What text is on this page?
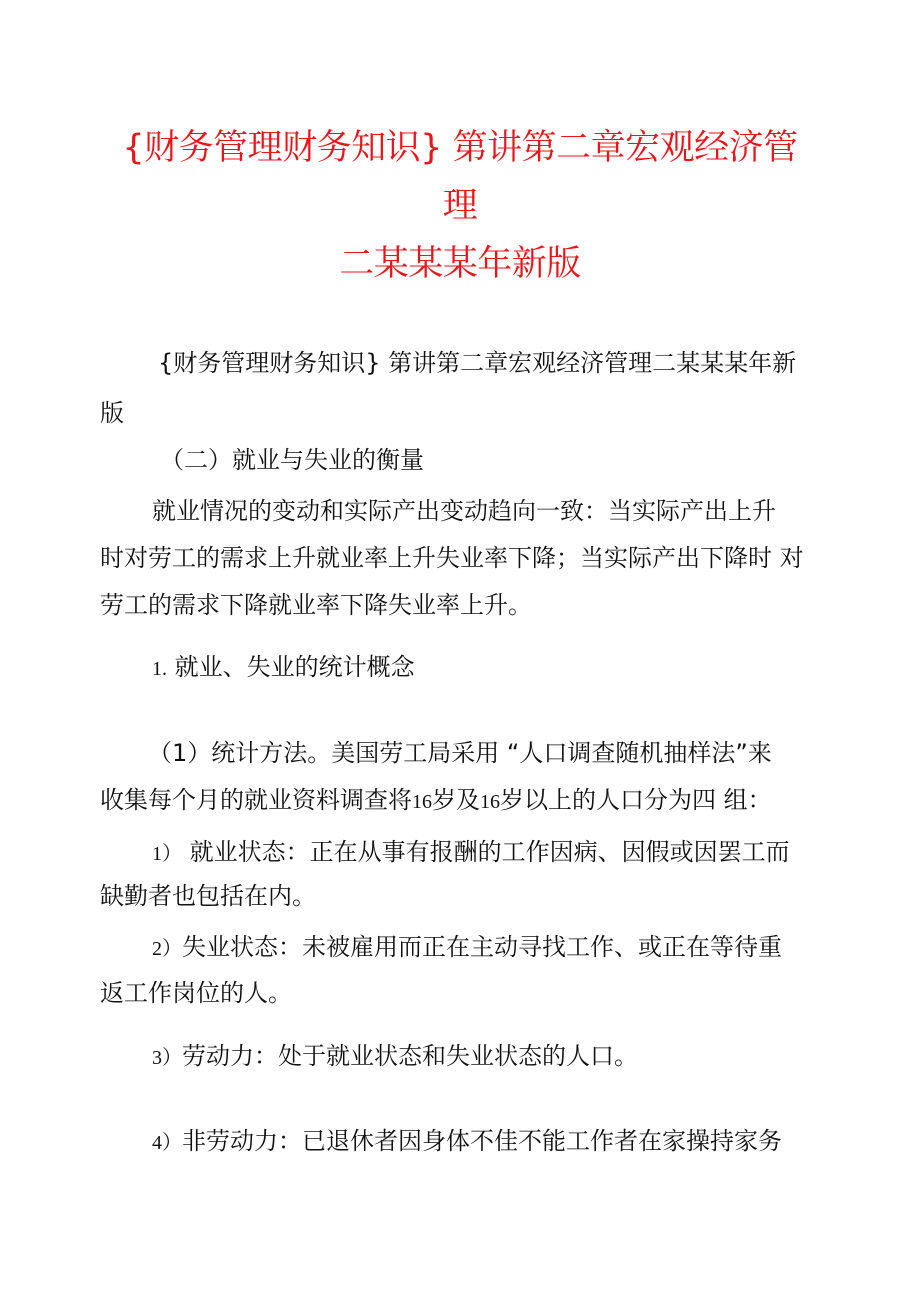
{财务管理财务知识} 第讲第二章宏观经济管
理
二某某某年新版
{财务管理财务知识} 第讲第二章宏观经济管理二某某某年新
版
（二）就业与失业的衡量
就业情况的变动和实际产出变动趋向一致：当实际产出上升
时对劳工的需求上升就业率上升失业率下降；当实际产出下降时 对
劳工的需求下降就业率下降失业率上升。
1. 就业、失业的统计概念
（1）统计方法。美国劳工局采用 “人口调查随机抽样法”来
收集每个月的就业资料调查将16岁及16岁以上的人口分为四 组：
1） 就业状态：正在从事有报酬的工作因病、因假或因罢工而
缺勤者也包括在内。
2）失业状态：未被雇用而正在主动寻找工作、或正在等待重
返工作岗位的人。
3）劳动力：处于就业状态和失业状态的人口。
4）非劳动力：已退休者因身体不佳不能工作者在家操持家务
